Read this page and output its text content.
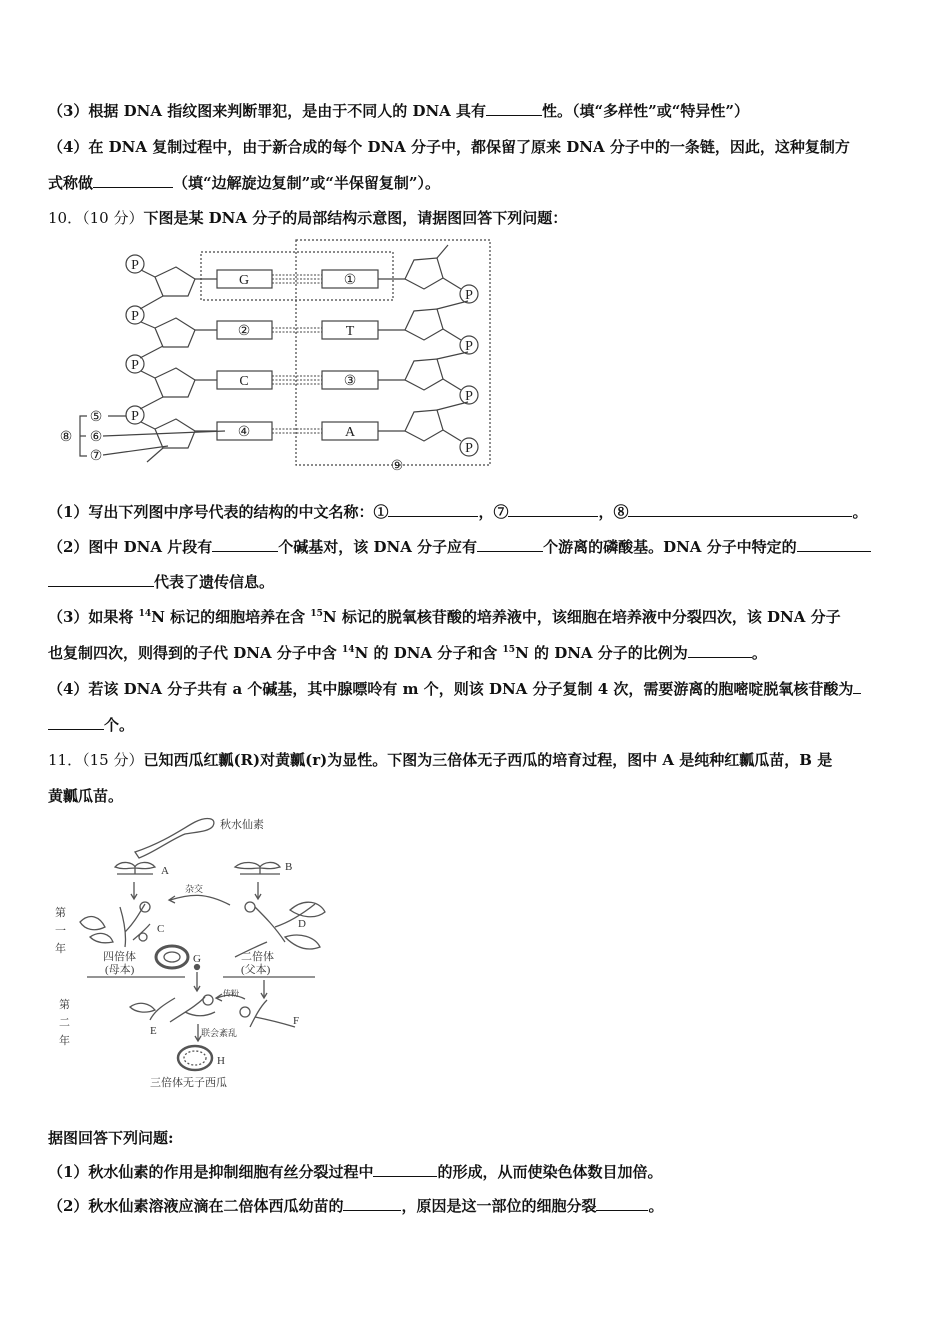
（3）根据 DNA 指纹图来判断罪犯，是由于不同人的 DNA 具有	性。（填“多样性”或“特异性”）
（4）在 DNA 复制过程中，由于新合成的每个 DNA 分子中，都保留了原来 DNA 分子中的一条链，因此，这种复制方
式称做	（填“边解旋边复制”或“半保留复制”）。
10．（10 分）下图是某 DNA 分子的局部结构示意图，请据图回答下列问题：
P
P
P
P
P
P
P
P
G
②
C
④
①
T
③
A
⑤
⑥
⑦
⑧
⑨
（1）写出下列图中序号代表的结构的中文名称：①	，⑦	，⑧	。
（2）图中 DNA 片段有	个碱基对，该 DNA 分子应有	个游离的磷酸基。DNA 分子中特定的
代表了遗传信息。
（3）如果将 $^{14}$N 标记的细胞培养在含 $^{15}$N 标记的脱氧核苷酸的培养液中，该细胞在培养液中分裂四次，该 DNA 分子
也复制四次，则得到的子代 DNA 分子中含 $^{14}$N 的 DNA 分子和含 $^{15}$N 的 DNA 分子的比例为	。
（4）若该 DNA 分子共有 a 个碱基，其中腺嘌呤有 m 个，则该 DNA 分子复制 4 次，需要游离的胞嘧啶脱氧核苷酸为
个。
11．（15 分）已知西瓜红瓤(R)对黄瓤(r)为显性。下图为三倍体无子西瓜的培育过程，图中 A 是纯种红瓤瓜苗，B 是
黄瓤瓜苗。
秋水仙素
A	B
杂交
C	D
G
四倍体
(母本)
二倍体
(父本)
传粉
F
E	联会紊乱
H
三倍体无子西瓜
第
一
年
第
二
年
据图回答下列问题:
（1）秋水仙素的作用是抑制细胞有丝分裂过程中	的形成，从而使染色体数目加倍。
（2）秋水仙素溶液应滴在二倍体西瓜幼苗的	，原因是这一部位的细胞分裂	。
